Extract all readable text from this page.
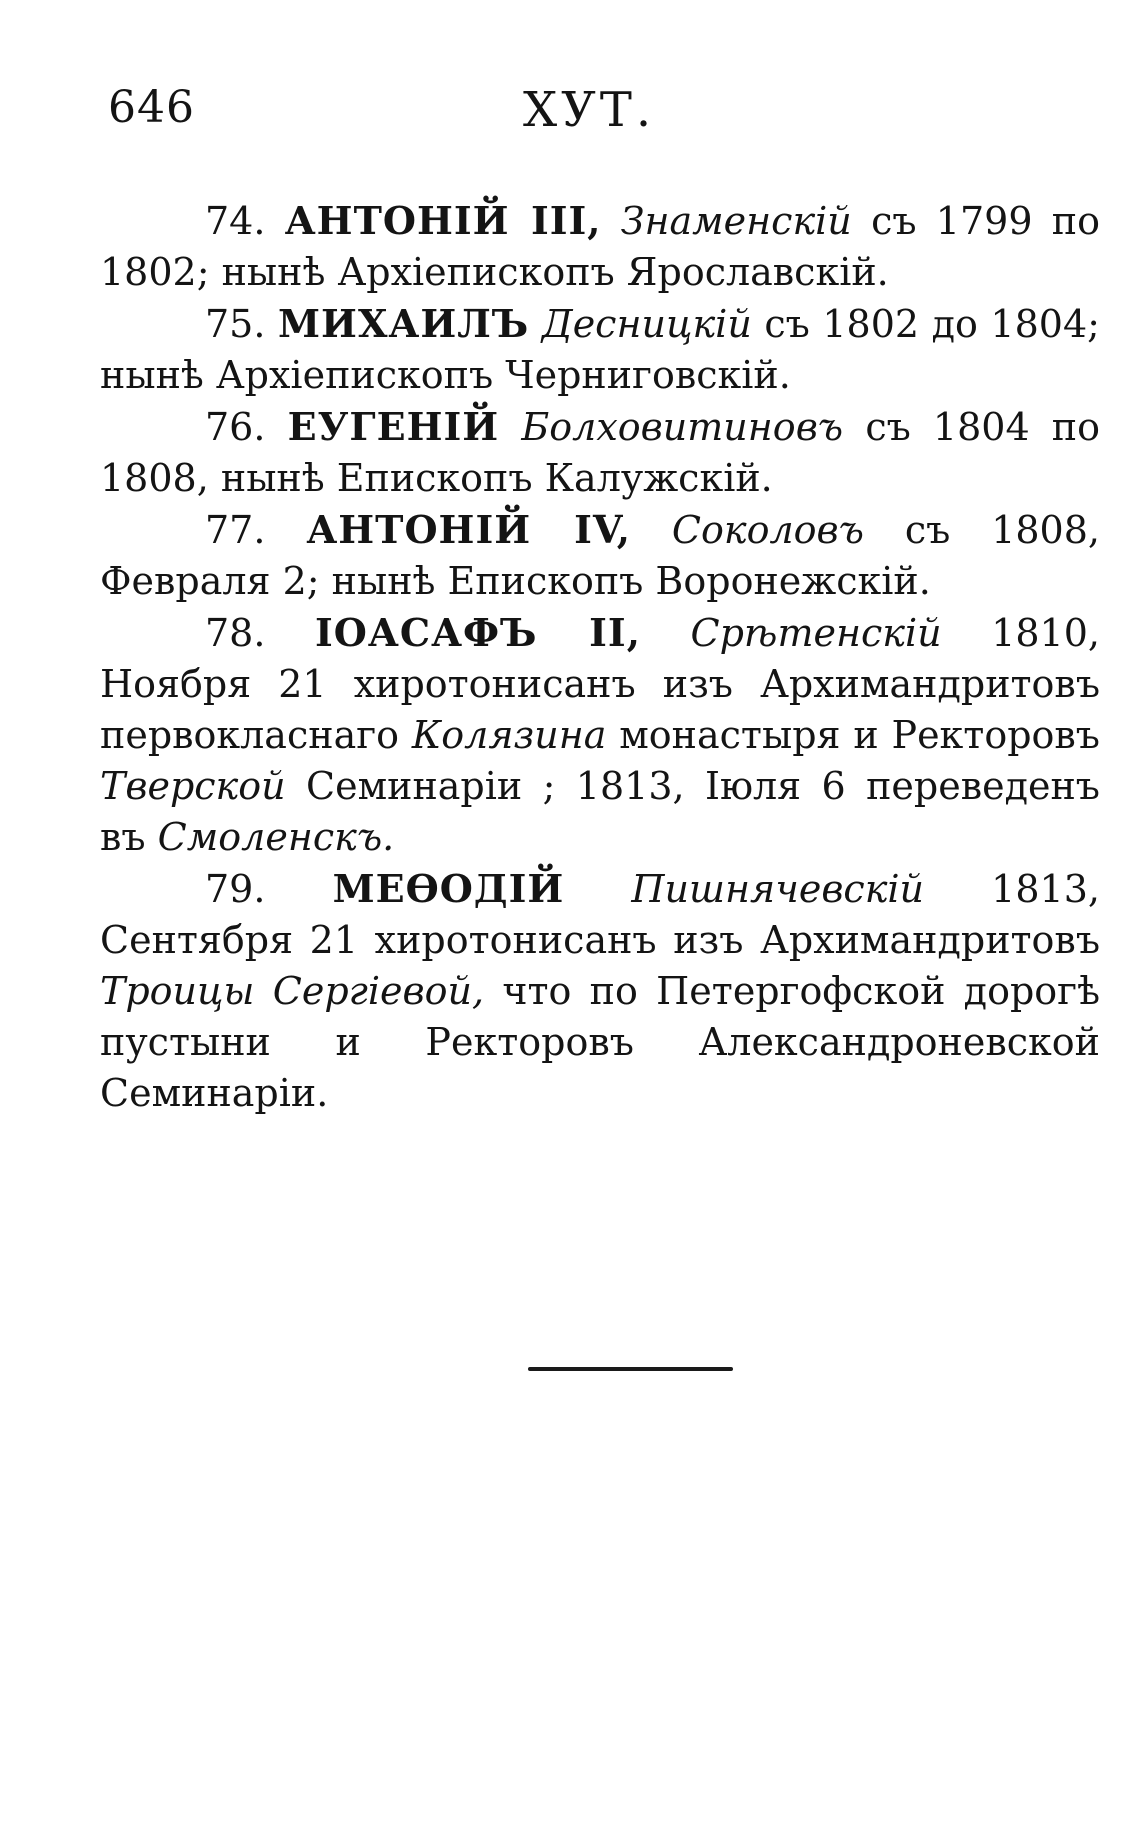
646	ХУТ.

74. АНТОНІЙ III, Знаменскій съ 1799 по 1802; нынѣ Архіепископъ Ярославскій.

75. МИХАИЛЪ Десницкій съ 1802 до 1804; нынѣ Архіепископъ Черниговскій.

76. ЕУГЕНІЙ Болховитиновъ съ 1804 по 1808, нынѣ Епископъ Калужскій.

77. АНТОНІЙ IV, Соколовъ съ 1808, Февраля 2; нынѣ Епископъ Воронежскій.

78. ІОАСАФЪ II, Срѣтенскій 1810, Ноября 21 хиротонисанъ изъ Архимандритовъ первокласнаго Колязина монастыря и Ректоровъ Тверской Семинаріи ; 1813, Іюля 6 переведенъ въ Смоленскъ.

79. МЕѲОДІЙ Пишнячевскій 1813, Сентября 21 хиротонисанъ изъ Архимандритовъ Троицы Сергіевой, что по Петергофской дорогѣ пустыни и Ректоровъ Александроневской Семинаріи.
